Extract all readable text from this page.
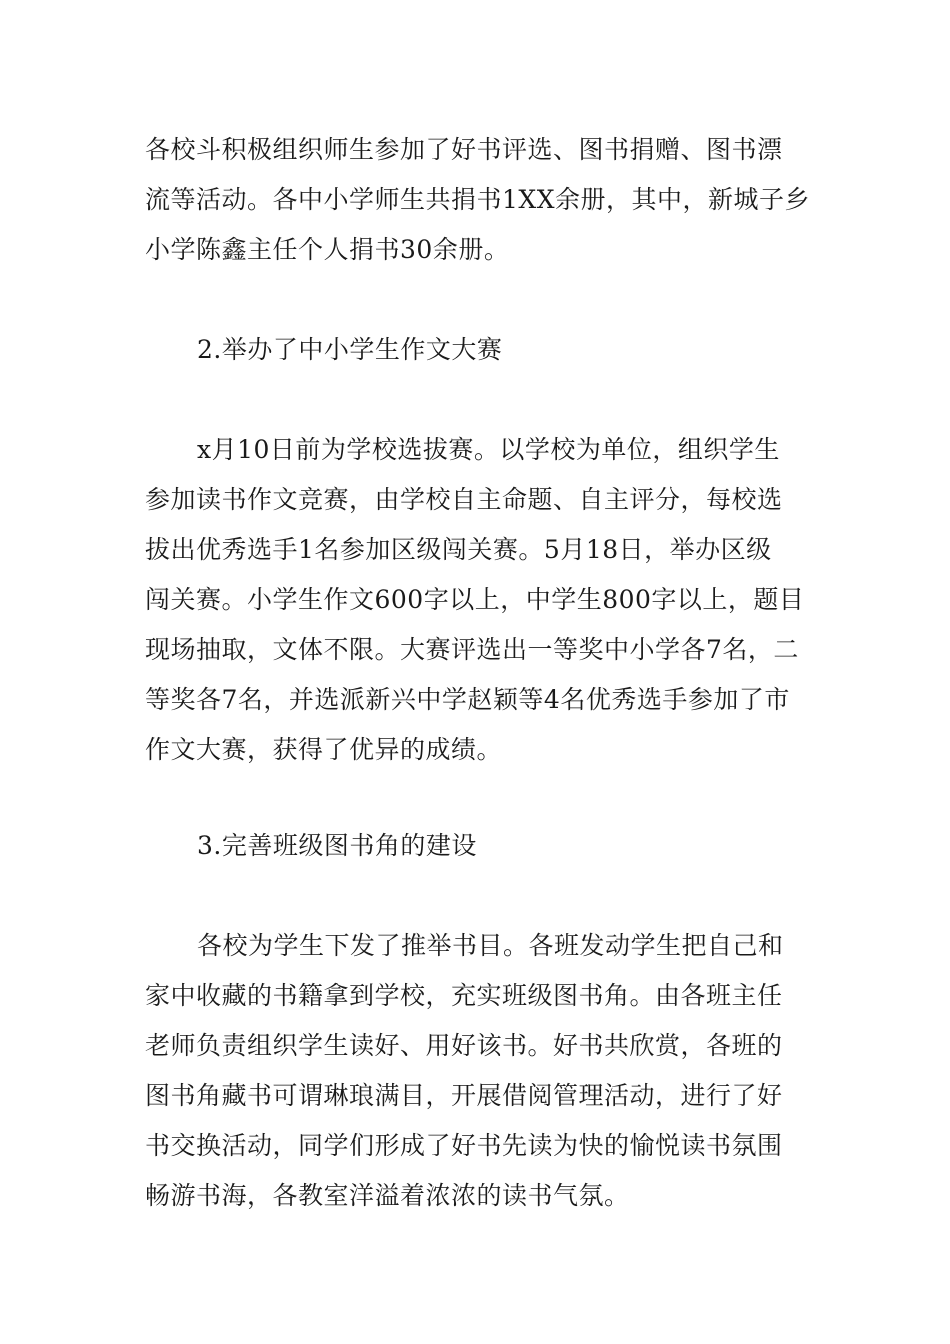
各校斗积极组织师生参加了好书评选、图书捐赠、图书漂
流等活动。各中小学师生共捐书1XX余册，其中，新城子乡
小学陈鑫主任个人捐书30余册。
2.举办了中小学生作文大赛
x月10日前为学校选拔赛。以学校为单位，组织学生
参加读书作文竞赛，由学校自主命题、自主评分，每校选
拔出优秀选手1名参加区级闯关赛。5月18日，举办区级
闯关赛。小学生作文600字以上，中学生800字以上，题目
现场抽取，文体不限。大赛评选出一等奖中小学各7名，二
等奖各7名，并选派新兴中学赵颖等4名优秀选手参加了市
作文大赛，获得了优异的成绩。
3.完善班级图书角的建设
各校为学生下发了推举书目。各班发动学生把自己和
家中收藏的书籍拿到学校，充实班级图书角。由各班主任
老师负责组织学生读好、用好该书。好书共欣赏，各班的
图书角藏书可谓琳琅满目，开展借阅管理活动，进行了好
书交换活动，同学们形成了好书先读为快的愉悦读书氛围
畅游书海，各教室洋溢着浓浓的读书气氛。
